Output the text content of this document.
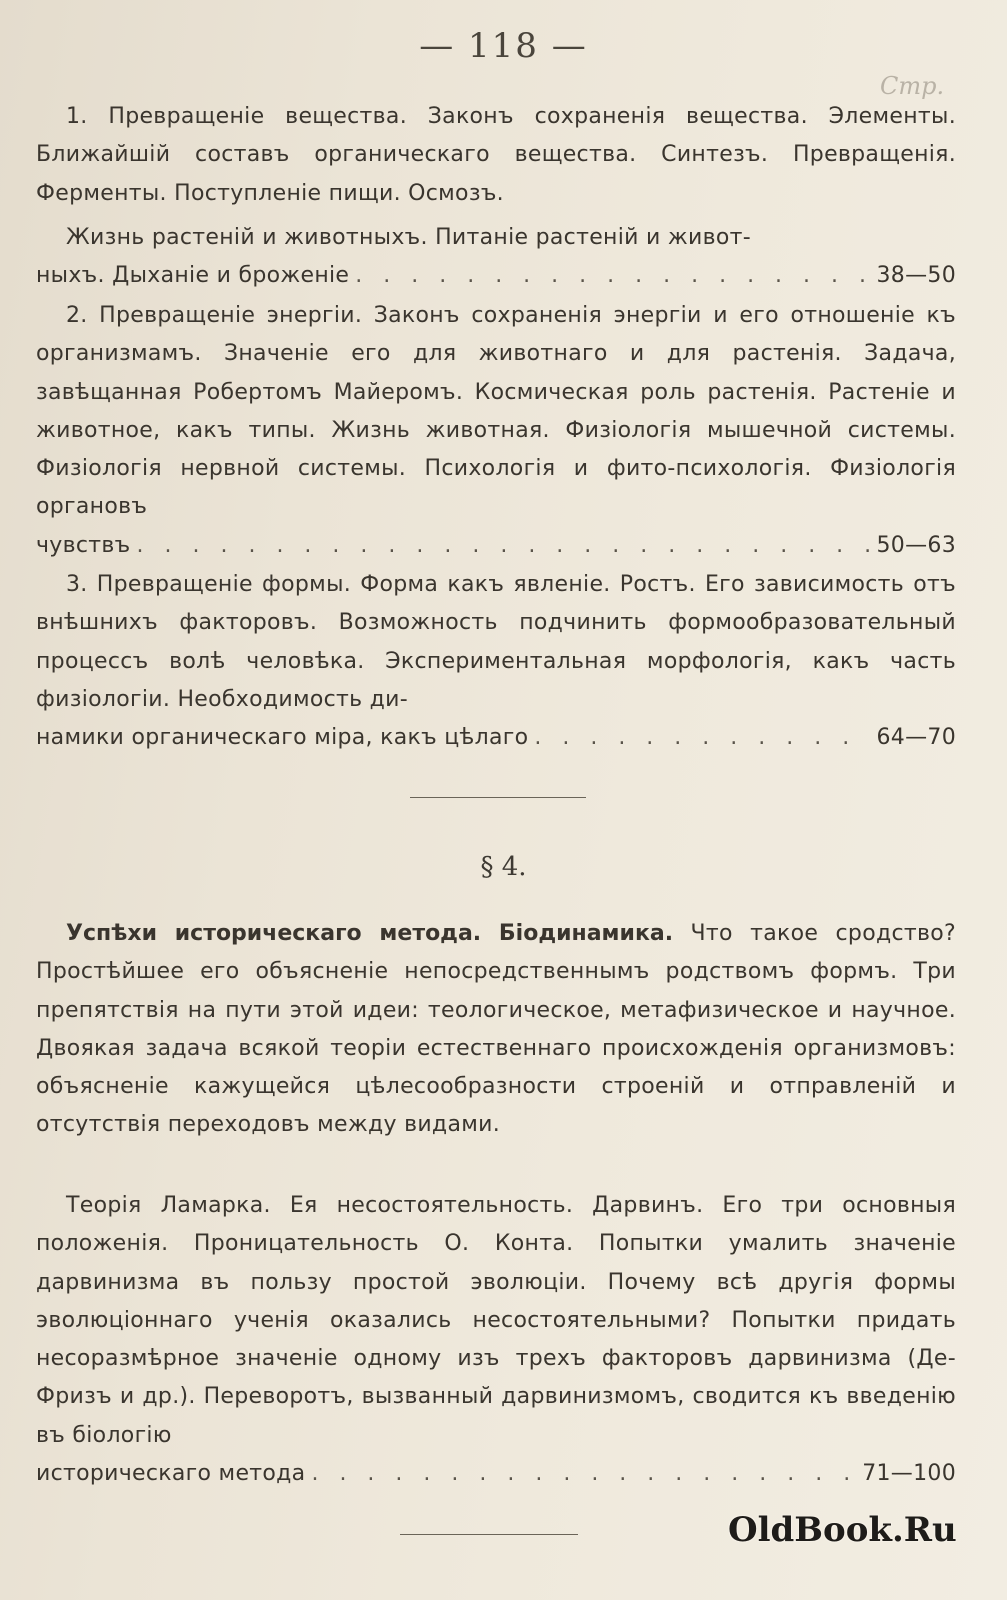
— 118 —
Стр.

1. Превращеніе вещества. Законъ сохраненія вещества. Элементы. Ближайшій составъ органическаго вещества. Синтезъ. Превращенія. Ферменты. Поступленіе пищи. Осмозъ.

Жизнь растеній и животныхъ. Питаніе растеній и живот-
ныхъ. Дыханіе и броженіе . . .	38—50
2. Превращеніе энергіи. Законъ сохраненія энергіи и его отношеніе къ организмамъ. Значеніе его для животнаго и для растенія. Задача, завѣщанная Робертомъ Майеромъ. Космическая роль растенія. Растеніе и животное, какъ типы. Жизнь животная. Физіологія мышечной системы. Физіологія нервной системы. Психологія и фито-психологія. Физіологія органовъ
чувствъ . . .	50—63
3. Превращеніе формы. Форма какъ явленіе. Ростъ. Его зависимость отъ внѣшнихъ факторовъ. Возможность подчинить формообразовательный процессъ волѣ человѣка. Экспериментальная морфологія, какъ часть физіологіи. Необходимость ди-
намики органическаго міра, какъ цѣлаго . . .	64—70
§ 4.

Успѣхи историческаго метода. Біодинамика. Что такое сродство? Простѣйшее его объясненіе непосредственнымъ родствомъ формъ. Три препятствія на пути этой идеи: теологическое, метафизическое и научное. Двоякая задача всякой теоріи естественнаго происхожденія организмовъ: объясненіе кажущейся цѣлесообразности строеній и отправленій и отсутствія переходовъ между видами.

Теорія Ламарка. Ея несостоятельность. Дарвинъ. Его три основныя положенія. Проницательность О. Конта. Попытки умалить значеніе дарвинизма въ пользу простой эволюціи. Почему всѣ другія формы эволюціоннаго ученія оказались несостоятельными? Попытки придать несоразмѣрное значеніе одному изъ трехъ факторовъ дарвинизма (Де-Фризъ и др.). Переворотъ, вызванный дарвинизмомъ, сводится къ введенію въ біологію
историческаго метода . . .	71—100
OldBook.Ru
